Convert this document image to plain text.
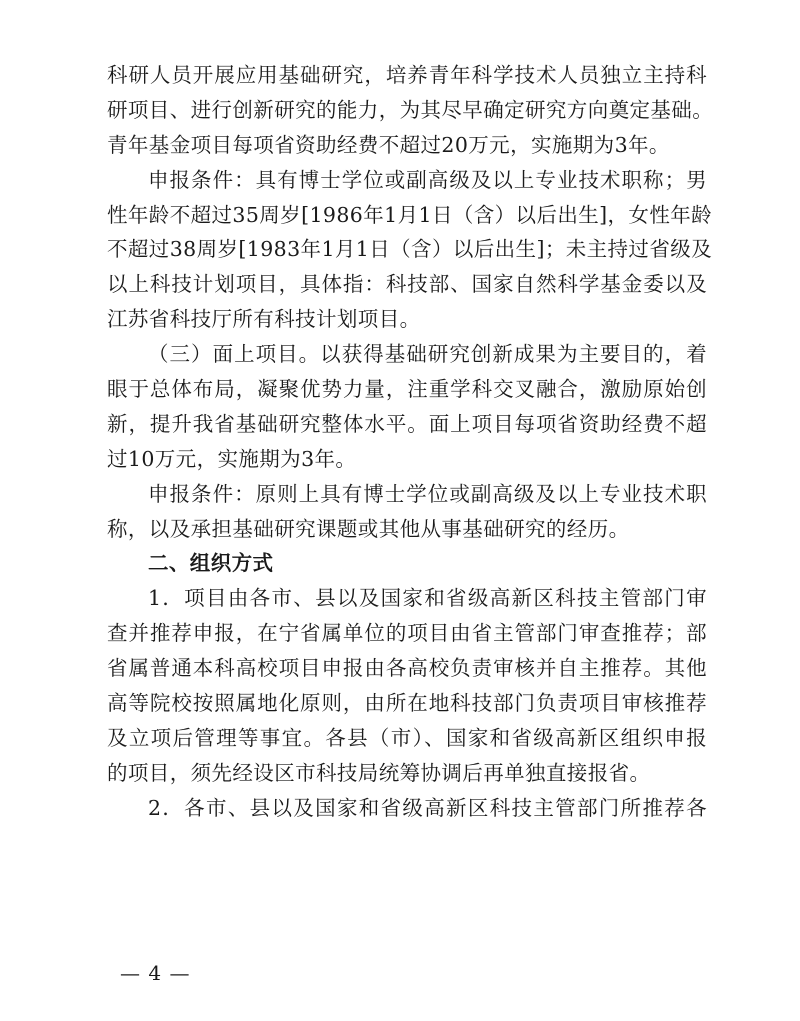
科研人员开展应用基础研究，培养青年科学技术人员独立主持科
研项目、进行创新研究的能力，为其尽早确定研究方向奠定基础。
青年基金项目每项省资助经费不超过20万元，实施期为3年。
申报条件：具有博士学位或副高级及以上专业技术职称；男
性年龄不超过35周岁[1986年1月1日（含）以后出生]，女性年龄
不超过38周岁[1983年1月1日（含）以后出生]；未主持过省级及
以上科技计划项目，具体指：科技部、国家自然科学基金委以及
江苏省科技厅所有科技计划项目。
（三）面上项目。以获得基础研究创新成果为主要目的，着
眼于总体布局，凝聚优势力量，注重学科交叉融合，激励原始创
新，提升我省基础研究整体水平。面上项目每项省资助经费不超
过10万元，实施期为3年。
申报条件：原则上具有博士学位或副高级及以上专业技术职
称，以及承担基础研究课题或其他从事基础研究的经历。
二、组织方式
1．项目由各市、县以及国家和省级高新区科技主管部门审
查并推荐申报，在宁省属单位的项目由省主管部门审查推荐；部
省属普通本科高校项目申报由各高校负责审核并自主推荐。其他
高等院校按照属地化原则，由所在地科技部门负责项目审核推荐
及立项后管理等事宜。各县（市）、国家和省级高新区组织申报
的项目，须先经设区市科技局统筹协调后再单独直接报省。
2．各市、县以及国家和省级高新区科技主管部门所推荐各
— 4 —
